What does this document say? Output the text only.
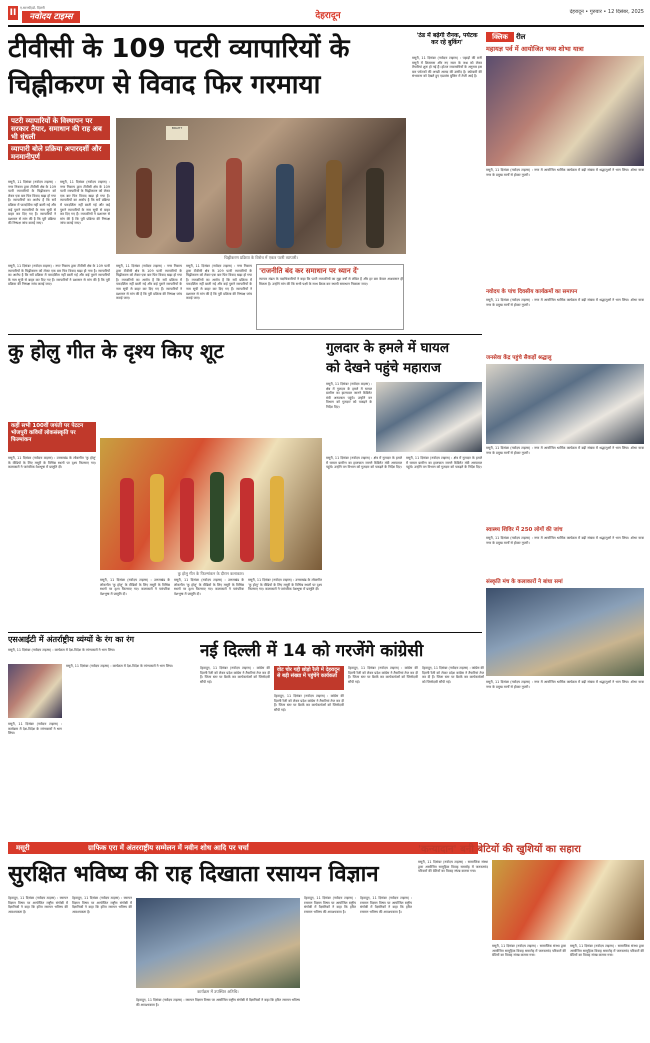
II	ए.सारथी/डॉ. दिल्ली
नवोदय टाइम्स	देहरादून	देहरादून • गुरुवार • 12 दिसंबर, 2025
टीवीसी के 109 पटरी व्यापारियों के
चिह्नीकरण से विवाद फिर गरमाया
पटरी व्यापारियों के विस्थापन पर सरकार तैयार, समाधान की राह अब भी धुंधली
व्यापारी बोले प्रक्रिया अपारदर्शी और मनमानीपूर्ण
मसूरी, 11 दिसंबर (नवोदय टाइम्स) : नगर निकाय द्वारा टीवीसी क्षेत्र के 109 पटरी व्यापारियों के चिह्नीकरण को लेकर एक बार फिर विवाद खड़ा हो गया है। व्यापारियों का आरोप है कि सर्वे प्रक्रिया में पारदर्शिता नहीं बरती गई और कई पुराने व्यापारियों के नाम सूची से बाहर कर दिए गए हैं। व्यापारियों ने प्रशासन से मांग की है कि पूरी प्रक्रिया की निष्पक्ष जांच कराई जाए।
मसूरी, 11 दिसंबर (नवोदय टाइम्स) : नगर निकाय द्वारा टीवीसी क्षेत्र के 109 पटरी व्यापारियों के चिह्नीकरण को लेकर एक बार फिर विवाद खड़ा हो गया है। व्यापारियों का आरोप है कि सर्वे प्रक्रिया में पारदर्शिता नहीं बरती गई और कई पुराने व्यापारियों के नाम सूची से बाहर कर दिए गए हैं। व्यापारियों ने प्रशासन से मांग की है कि पूरी प्रक्रिया की निष्पक्ष जांच कराई जाए।
BRAHT
चिह्नीकरण प्रक्रिया के विरोध में एकत्र पटरी व्यापारी।
मसूरी, 11 दिसंबर (नवोदय टाइम्स) : नगर निकाय द्वारा टीवीसी क्षेत्र के 109 पटरी व्यापारियों के चिह्नीकरण को लेकर एक बार फिर विवाद खड़ा हो गया है। व्यापारियों का आरोप है कि सर्वे प्रक्रिया में पारदर्शिता नहीं बरती गई और कई पुराने व्यापारियों के नाम सूची से बाहर कर दिए गए हैं। व्यापारियों ने प्रशासन से मांग की है कि पूरी प्रक्रिया की निष्पक्ष जांच कराई जाए।
मसूरी, 11 दिसंबर (नवोदय टाइम्स) : नगर निकाय द्वारा टीवीसी क्षेत्र के 109 पटरी व्यापारियों के चिह्नीकरण को लेकर एक बार फिर विवाद खड़ा हो गया है। व्यापारियों का आरोप है कि सर्वे प्रक्रिया में पारदर्शिता नहीं बरती गई और कई पुराने व्यापारियों के नाम सूची से बाहर कर दिए गए हैं। व्यापारियों ने प्रशासन से मांग की है कि पूरी प्रक्रिया की निष्पक्ष जांच कराई जाए।
मसूरी, 11 दिसंबर (नवोदय टाइम्स) : नगर निकाय द्वारा टीवीसी क्षेत्र के 109 पटरी व्यापारियों के चिह्नीकरण को लेकर एक बार फिर विवाद खड़ा हो गया है। व्यापारियों का आरोप है कि सर्वे प्रक्रिया में पारदर्शिता नहीं बरती गई और कई पुराने व्यापारियों के नाम सूची से बाहर कर दिए गए हैं। व्यापारियों ने प्रशासन से मांग की है कि पूरी प्रक्रिया की निष्पक्ष जांच कराई जाए।
'राजनीति बंद कर समाधान पर ध्यान दें'
व्यापार मंडल के पदाधिकारियों ने कहा कि पटरी व्यापारियों का मुद्दा वर्षों से लंबित है और हर बार केवल आश्वासन ही मिलता है। उन्होंने मांग की कि सभी पक्षों के साथ बैठक कर स्थायी समाधान निकाला जाए।
'ठंड में बढ़ेगी रौनक, पर्यटक कर रहे बुकिंग'
मसूरी, 11 दिसंबर (नवोदय टाइम्स) : पहाड़ों की रानी मसूरी में क्रिसमस और नए साल के जश्न को लेकर तैयारियां शुरू हो गई हैं। होटल व्यवसायियों के अनुसार इस बार पर्यटकों की अच्छी आमद की उम्मीद है। बर्फबारी की संभावना को देखते हुए एडवांस बुकिंग में तेजी आई है।
क्लिक	रील
महायज्ञ पर्व में आयोजित भव्य शोभा यात्रा
मसूरी, 11 दिसंबर (नवोदय टाइम्स) : नगर में आयोजित धार्मिक कार्यक्रम में बड़ी संख्या में श्रद्धालुओं ने भाग लिया। शोभा यात्रा नगर के प्रमुख मार्गों से होकर गुजरी।
नवोदय के पांच दिवसीय कार्यक्रमों का समापन
मसूरी, 11 दिसंबर (नवोदय टाइम्स) : नगर में आयोजित धार्मिक कार्यक्रम में बड़ी संख्या में श्रद्धालुओं ने भाग लिया। शोभा यात्रा नगर के प्रमुख मार्गों से होकर गुजरी।
जनसेवा केंद्र पहुंचे सैकड़ों श्रद्धालु
मसूरी, 11 दिसंबर (नवोदय टाइम्स) : नगर में आयोजित धार्मिक कार्यक्रम में बड़ी संख्या में श्रद्धालुओं ने भाग लिया। शोभा यात्रा नगर के प्रमुख मार्गों से होकर गुजरी।
स्वास्थ्य शिविर में 250 लोगों की जांच
मसूरी, 11 दिसंबर (नवोदय टाइम्स) : नगर में आयोजित धार्मिक कार्यक्रम में बड़ी संख्या में श्रद्धालुओं ने भाग लिया। शोभा यात्रा नगर के प्रमुख मार्गों से होकर गुजरी।
संस्कृति मंच के कलाकारों ने बांधा समां
मसूरी, 11 दिसंबर (नवोदय टाइम्स) : नगर में आयोजित धार्मिक कार्यक्रम में बड़ी संख्या में श्रद्धालुओं ने भाग लिया। शोभा यात्रा नगर के प्रमुख मार्गों से होकर गुजरी।
कु होलु गीत के दृश्य किए शूट
कहीं सभी 100वीं जयंती पर पेटटन भोजपुरी कवियों लोकसंस्कृति पर फिल्मांकन
मसूरी, 11 दिसंबर (नवोदय टाइम्स) : उत्तराखंड के लोकगीत 'कु होलु' के वीडियो के लिए मसूरी के विभिन्न स्थलों पर दृश्य फिल्माए गए। कलाकारों ने पारंपरिक वेशभूषा में प्रस्तुति दी।
कु होलु गीत के फिल्मांकन के दौरान कलाकार।
मसूरी, 11 दिसंबर (नवोदय टाइम्स) : उत्तराखंड के लोकगीत 'कु होलु' के वीडियो के लिए मसूरी के विभिन्न स्थलों पर दृश्य फिल्माए गए। कलाकारों ने पारंपरिक वेशभूषा में प्रस्तुति दी।
मसूरी, 11 दिसंबर (नवोदय टाइम्स) : उत्तराखंड के लोकगीत 'कु होलु' के वीडियो के लिए मसूरी के विभिन्न स्थलों पर दृश्य फिल्माए गए। कलाकारों ने पारंपरिक वेशभूषा में प्रस्तुति दी।
मसूरी, 11 दिसंबर (नवोदय टाइम्स) : उत्तराखंड के लोकगीत 'कु होलु' के वीडियो के लिए मसूरी के विभिन्न स्थलों पर दृश्य फिल्माए गए। कलाकारों ने पारंपरिक वेशभूषा में प्रस्तुति दी।
गुलदार के हमले में घायल
को देखने पहुंचे महाराज
मसूरी, 11 दिसंबर (नवोदय टाइम्स) : क्षेत्र में गुलदार के हमले में घायल ग्रामीण का हालचाल जानने कैबिनेट मंत्री अस्पताल पहुंचे। उन्होंने वन विभाग को गुलदार को पकड़ने के निर्देश दिए।
मसूरी, 11 दिसंबर (नवोदय टाइम्स) : क्षेत्र में गुलदार के हमले में घायल ग्रामीण का हालचाल जानने कैबिनेट मंत्री अस्पताल पहुंचे। उन्होंने वन विभाग को गुलदार को पकड़ने के निर्देश दिए।
मसूरी, 11 दिसंबर (नवोदय टाइम्स) : क्षेत्र में गुलदार के हमले में घायल ग्रामीण का हालचाल जानने कैबिनेट मंत्री अस्पताल पहुंचे। उन्होंने वन विभाग को गुलदार को पकड़ने के निर्देश दिए।
एसआईटी में अंतर्राष्ट्रीय व्यंग्यों के रंग का रंग
मसूरी, 11 दिसंबर (नवोदय टाइम्स) : कार्यक्रम में देश-विदेश के व्यंग्यकारों ने भाग लिया।
मसूरी, 11 दिसंबर (नवोदय टाइम्स) : कार्यक्रम में देश-विदेश के व्यंग्यकारों ने भाग लिया।
मसूरी, 11 दिसंबर (नवोदय टाइम्स) : कार्यक्रम में देश-विदेश के व्यंग्यकारों ने भाग लिया।
नई दिल्ली में 14 को गरजेंगे कांग्रेसी
देहरादून, 11 दिसंबर (नवोदय टाइम्स) : कांग्रेस की दिल्ली रैली को लेकर प्रदेश कांग्रेस ने तैयारियां तेज कर दी हैं। जिला स्तर पर बैठकें कर कार्यकर्ताओं को जिम्मेदारी सौंपी गई।
वोट चोर गद्दी छोड़ो रैली में देहरादून से बड़ी संख्या में पहुंचेंगे कार्यकर्ता
देहरादून, 11 दिसंबर (नवोदय टाइम्स) : कांग्रेस की दिल्ली रैली को लेकर प्रदेश कांग्रेस ने तैयारियां तेज कर दी हैं। जिला स्तर पर बैठकें कर कार्यकर्ताओं को जिम्मेदारी सौंपी गई।
देहरादून, 11 दिसंबर (नवोदय टाइम्स) : कांग्रेस की दिल्ली रैली को लेकर प्रदेश कांग्रेस ने तैयारियां तेज कर दी हैं। जिला स्तर पर बैठकें कर कार्यकर्ताओं को जिम्मेदारी सौंपी गई।
देहरादून, 11 दिसंबर (नवोदय टाइम्स) : कांग्रेस की दिल्ली रैली को लेकर प्रदेश कांग्रेस ने तैयारियां तेज कर दी हैं। जिला स्तर पर बैठकें कर कार्यकर्ताओं को जिम्मेदारी सौंपी गई।
मसूरी	ग्राफिक एरा में अंतरराष्ट्रीय सम्मेलन में नवीन शोध आदि पर चर्चा
सुरक्षित भविष्य की राह दिखाता रसायन विज्ञान
देहरादून, 11 दिसंबर (नवोदय टाइम्स) : रसायन विज्ञान विषय पर आयोजित राष्ट्रीय संगोष्ठी में वैज्ञानिकों ने कहा कि हरित रसायन भविष्य की आवश्यकता है।
देहरादून, 11 दिसंबर (नवोदय टाइम्स) : रसायन विज्ञान विषय पर आयोजित राष्ट्रीय संगोष्ठी में वैज्ञानिकों ने कहा कि हरित रसायन भविष्य की आवश्यकता है।
कार्यक्रम में उपस्थित अतिथि।
देहरादून, 11 दिसंबर (नवोदय टाइम्स) : रसायन विज्ञान विषय पर आयोजित राष्ट्रीय संगोष्ठी में वैज्ञानिकों ने कहा कि हरित रसायन भविष्य की आवश्यकता है।
देहरादून, 11 दिसंबर (नवोदय टाइम्स) : रसायन विज्ञान विषय पर आयोजित राष्ट्रीय संगोष्ठी में वैज्ञानिकों ने कहा कि हरित रसायन भविष्य की आवश्यकता है।
देहरादून, 11 दिसंबर (नवोदय टाइम्स) : रसायन विज्ञान विषय पर आयोजित राष्ट्रीय संगोष्ठी में वैज्ञानिकों ने कहा कि हरित रसायन भविष्य की आवश्यकता है।
'कन्यादान' बनी बेटियों की खुशियों का सहारा
मसूरी, 11 दिसंबर (नवोदय टाइम्स) : सामाजिक संस्था द्वारा आयोजित सामूहिक विवाह समारोह में जरूरतमंद परिवारों की बेटियों का विवाह संपन्न कराया गया।
मसूरी, 11 दिसंबर (नवोदय टाइम्स) : सामाजिक संस्था द्वारा आयोजित सामूहिक विवाह समारोह में जरूरतमंद परिवारों की बेटियों का विवाह संपन्न कराया गया।
मसूरी, 11 दिसंबर (नवोदय टाइम्स) : सामाजिक संस्था द्वारा आयोजित सामूहिक विवाह समारोह में जरूरतमंद परिवारों की बेटियों का विवाह संपन्न कराया गया।
